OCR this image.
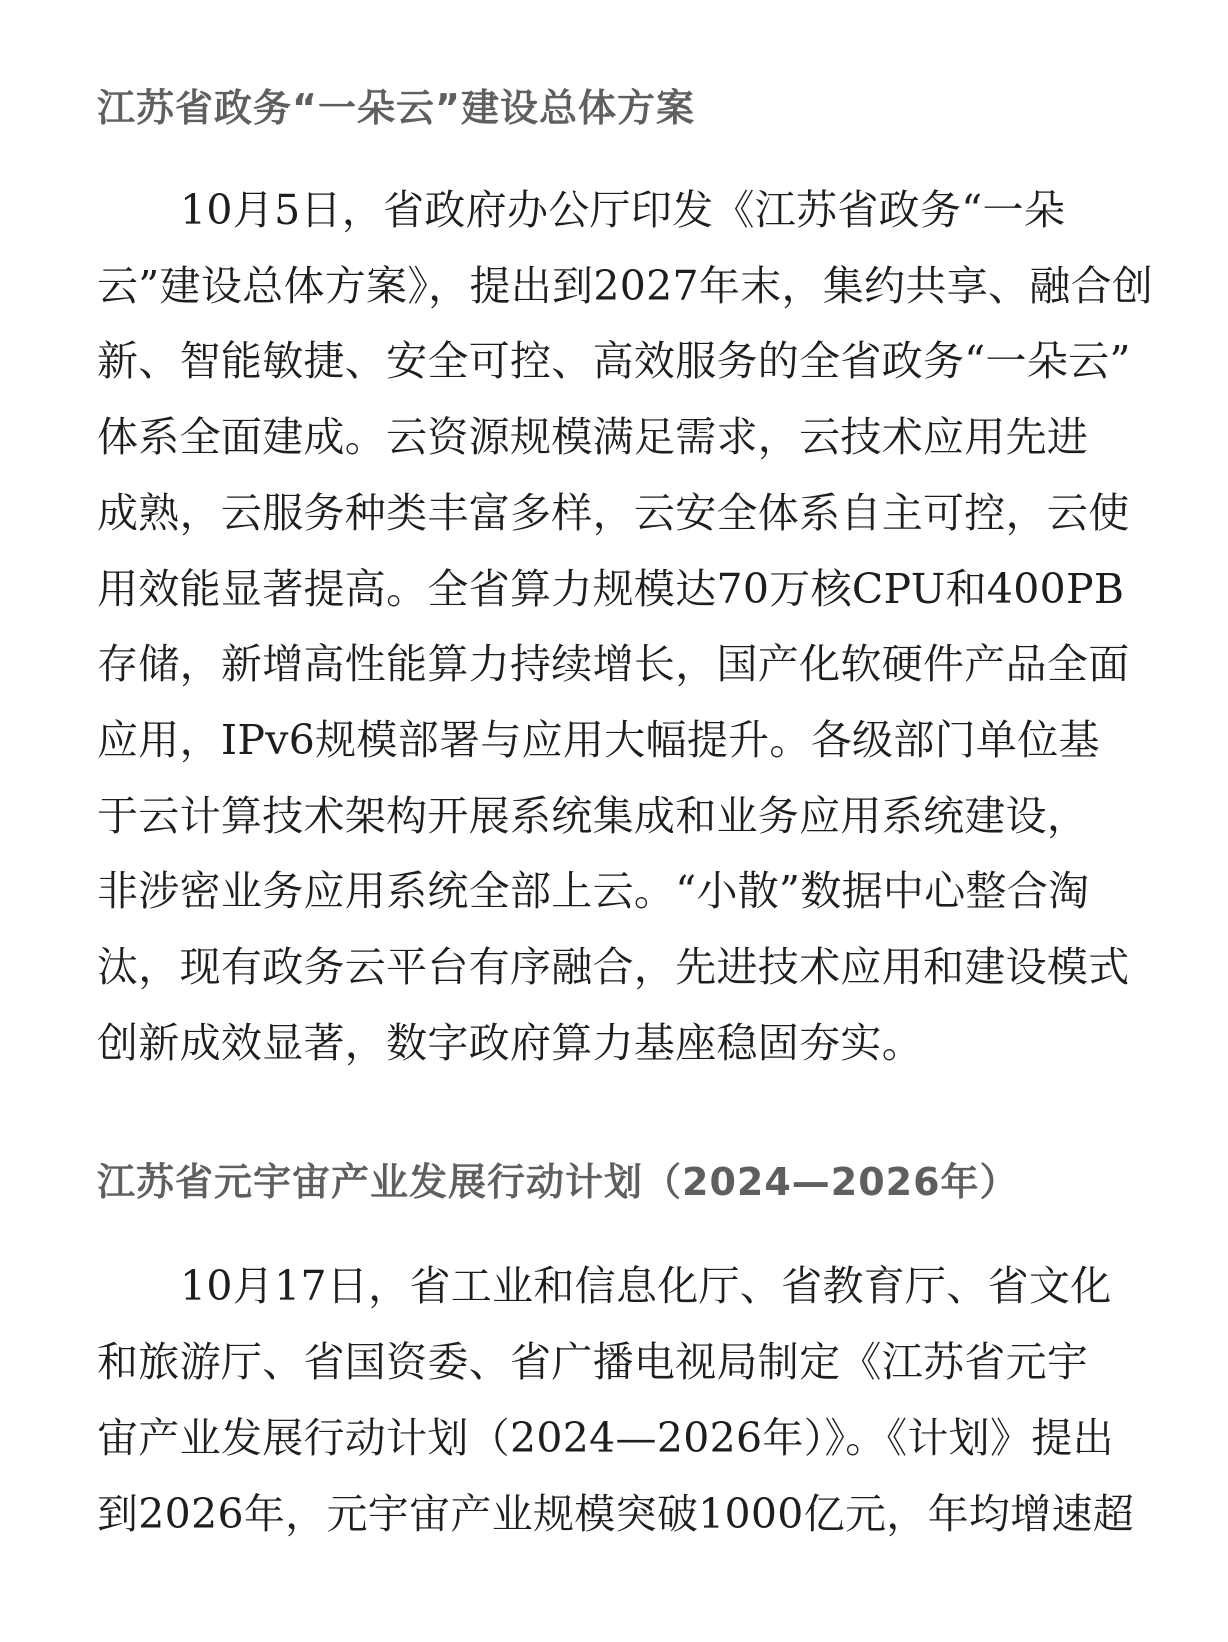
江苏省政务“一朵云”建设总体方案

10月5日，省政府办公厅印发《江苏省政务“一朵

云”建设总体方案》，提出到2027年末，集约共享、融合创

新、智能敏捷、安全可控、高效服务的全省政务“一朵云”

体系全面建成。云资源规模满足需求，云技术应用先进

成熟，云服务种类丰富多样，云安全体系自主可控，云使

用效能显著提高。全省算力规模达70万核CPU和400PB

存储，新增高性能算力持续增长，国产化软硬件产品全面

应用，IPv6规模部署与应用大幅提升。各级部门单位基

于云计算技术架构开展系统集成和业务应用系统建设，

非涉密业务应用系统全部上云。“小散”数据中心整合淘

汰，现有政务云平台有序融合，先进技术应用和建设模式

创新成效显著，数字政府算力基座稳固夯实。

江苏省元宇宙产业发展行动计划（2024—2026年）

10月17日，省工业和信息化厅、省教育厅、省文化

和旅游厅、省国资委、省广播电视局制定《江苏省元宇

宙产业发展行动计划（2024—2026年）》。《计划》提出

到2026年，元宇宙产业规模突破1000亿元，年均增速超
